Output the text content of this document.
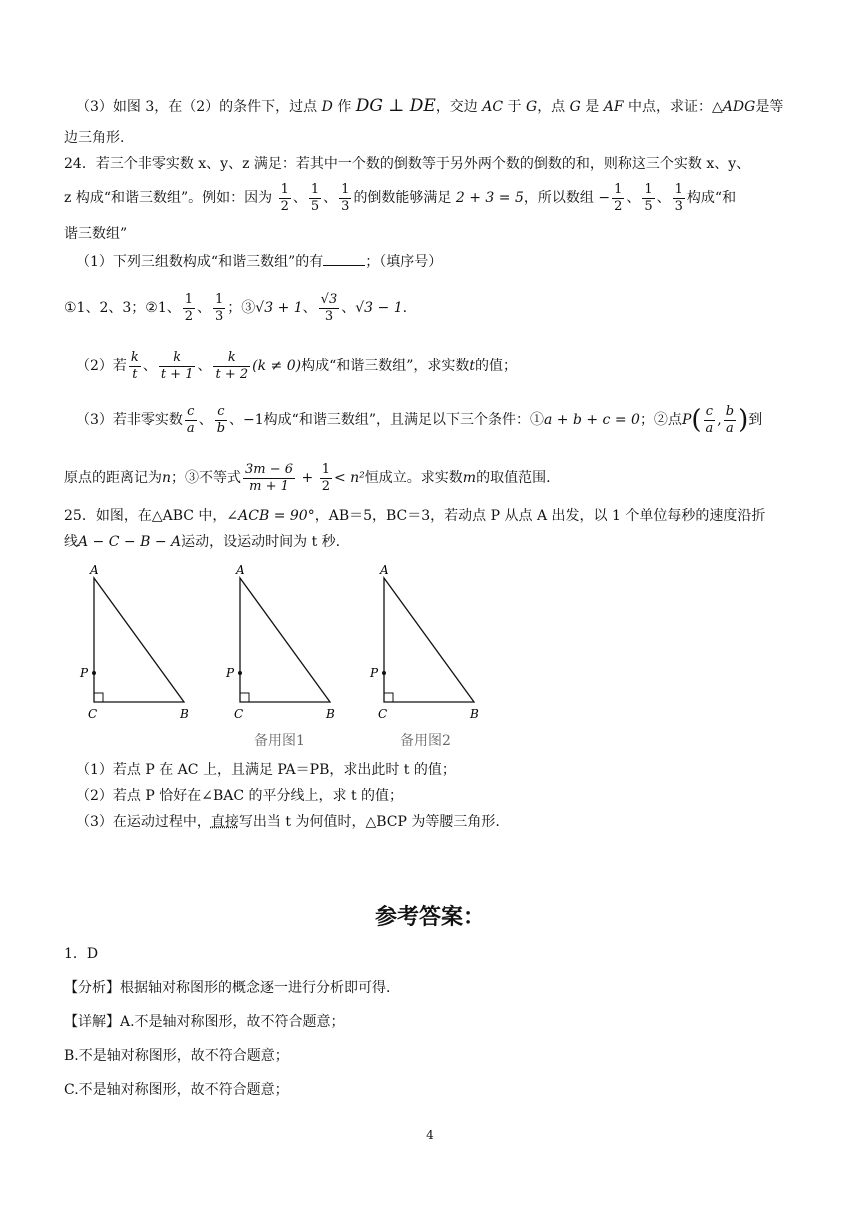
（3）如图 3，在（2）的条件下，过点 D 作 DG ⊥ DE，交边 AC 于 G，点 G 是 AF 中点，求证：△ADG是等
边三角形.
24．若三个非零实数 x、y、z 满足：若其中一个数的倒数等于另外两个数的倒数的和，则称这三个实数 x、y、
z 构成“和谐三数组”。例如：因为 $\frac{1}{2}$ 、 $\frac{1}{5}$ 、 $\frac{1}{3}$ 的倒数能够满足 2 + 3 = 5，所以数组 − $\frac{1}{2}$ 、 $\frac{1}{5}$ 、 $\frac{1}{3}$ 构成“和
谐三数组”
（1）下列三组数构成“和谐三数组”的有	；（填序号）
①1、2、3；②1、 $\frac{1}{2}$ 、 $\frac{1}{3}$ ；③√3 + 1、 $\frac{√3}{3}$ 、√3 − 1.
（2）若 $\frac{k}{t}$ 、 $\frac{k}{t + 1}$ 、 $\frac{k}{t + 2} (k \ne 0)$构成“和谐三数组”，求实数t的值；
（3）若非零实数 $\frac{c}{a}$ 、 $\frac{c}{b}$ 、−1构成“和谐三数组”，且满足以下三个条件：①a + b + c = 0；②点$P( \frac{c}{a}$ , $\frac{b}{a}$ )到
原点的距离记为n；③不等式 $\frac{3m - 6}{m + 1} + \frac{1}{2} < n^2$恒成立。求实数m的取值范围.
25．如图，在△ABC 中，∠ACB = 90°，AB＝5，BC＝3，若动点 P 从点 A 出发，以 1 个单位每秒的速度沿折
线A − C − B − A运动，设运动时间为 t 秒.
A
P
C	B
A
P
C	B
A
P
C	B
备用图1	备用图2
（1）若点 P 在 AC 上，且满足 PA＝PB，求出此时 t 的值；
（2）若点 P 恰好在∠BAC 的平分线上，求 t 的值；
（3）在运动过程中，直接写出当 t 为何值时，△BCP 为等腰三角形.
参考答案：
1．D
【分析】根据轴对称图形的概念逐一进行分析即可得.
【详解】A.不是轴对称图形，故不符合题意；
B.不是轴对称图形，故不符合题意；
C.不是轴对称图形，故不符合题意；
4
